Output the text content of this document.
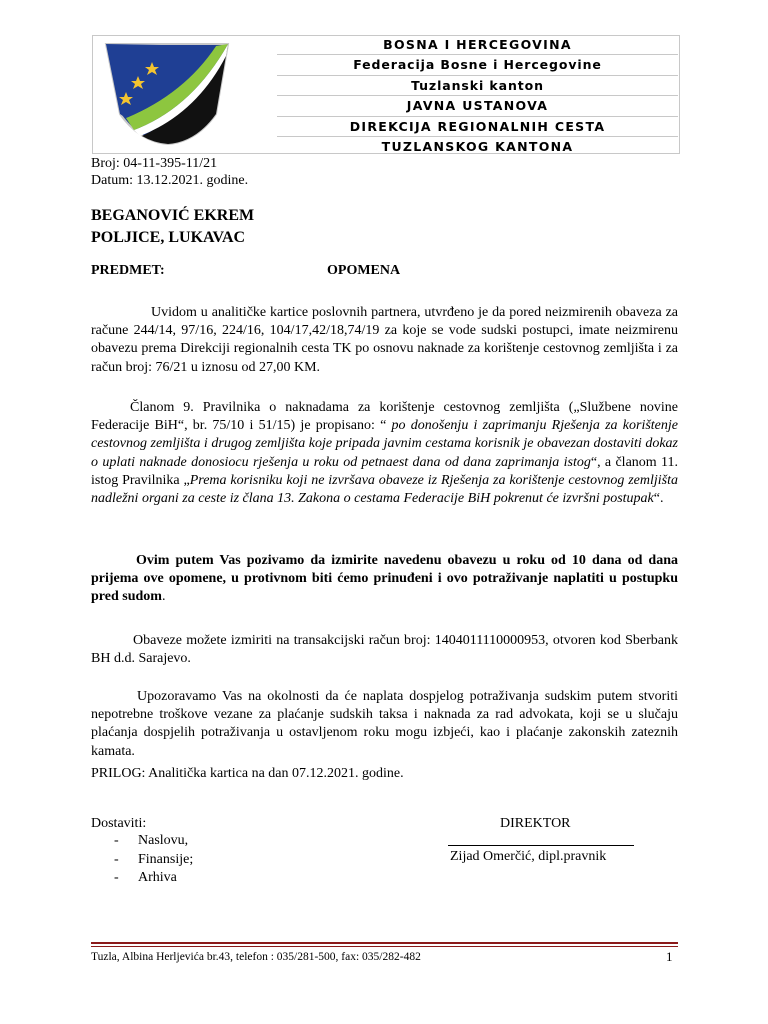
BOSNA I HERCEGOVINA
Federacija Bosne i Hercegovine
Tuzlanski kanton
JAVNA USTANOVA
DIREKCIJA REGIONALNIH CESTA
TUZLANSKOG KANTONA
Broj: 04-11-395-11/21
Datum: 13.12.2021. godine.
BEGANOVIĆ EKREM
POLJICE, LUKAVAC
PREDMET:	OPOMENA
Uvidom u analitičke kartice poslovnih partnera, utvrđeno je da pored neizmirenih obaveza za račune 244/14, 97/16, 224/16, 104/17,42/18,74/19 za koje se vode sudski postupci, imate neizmirenu obavezu prema Direkciji regionalnih cesta TK po osnovu naknade za korištenje cestovnog zemljišta i za račun broj: 76/21 u iznosu od 27,00 KM.
Članom 9. Pravilnika o naknadama za korištenje cestovnog zemljišta („Službene novine Federacije BiH“, br. 75/10 i 51/15) je propisano: “ po donošenju i zaprimanju Rješenja za korištenje cestovnog zemljišta i drugog zemljišta koje pripada javnim cestama korisnik je obavezan dostaviti dokaz o uplati naknade donosiocu rješenja u roku od petnaest dana od dana zaprimanja istog“, a članom 11. istog Pravilnika „Prema korisniku koji ne izvršava obaveze iz Rješenja za korištenje cestovnog zemljišta nadležni organi za ceste iz člana 13. Zakona o cestama Federacije BiH pokrenut će izvršni postupak“.
Ovim putem Vas pozivamo da izmirite navedenu obavezu u roku od 10 dana od dana prijema ove opomene, u protivnom biti ćemo prinuđeni i ovo potraživanje naplatiti u postupku pred sudom.
Obaveze možete izmiriti na transakcijski račun broj: 1404011110000953, otvoren kod Sberbank BH d.d. Sarajevo.
Upozoravamo Vas na okolnosti da će naplata dospjelog potraživanja sudskim putem stvoriti nepotrebne troškove vezane za plaćanje sudskih taksa i naknada za rad advokata, koji se u slučaju plaćanja dospjelih potraživanja u ostavljenom roku mogu izbjeći, kao i plaćanje zakonskih zateznih kamata.
PRILOG: Analitička kartica na dan 07.12.2021. godine.
Dostaviti:
- Naslovu,
- Finansije;
- Arhiva
DIREKTOR
Zijad Omerčić, dipl.pravnik
Tuzla, Albina Herljevića br.43, telefon : 035/281-500, fax: 035/282-482	1
